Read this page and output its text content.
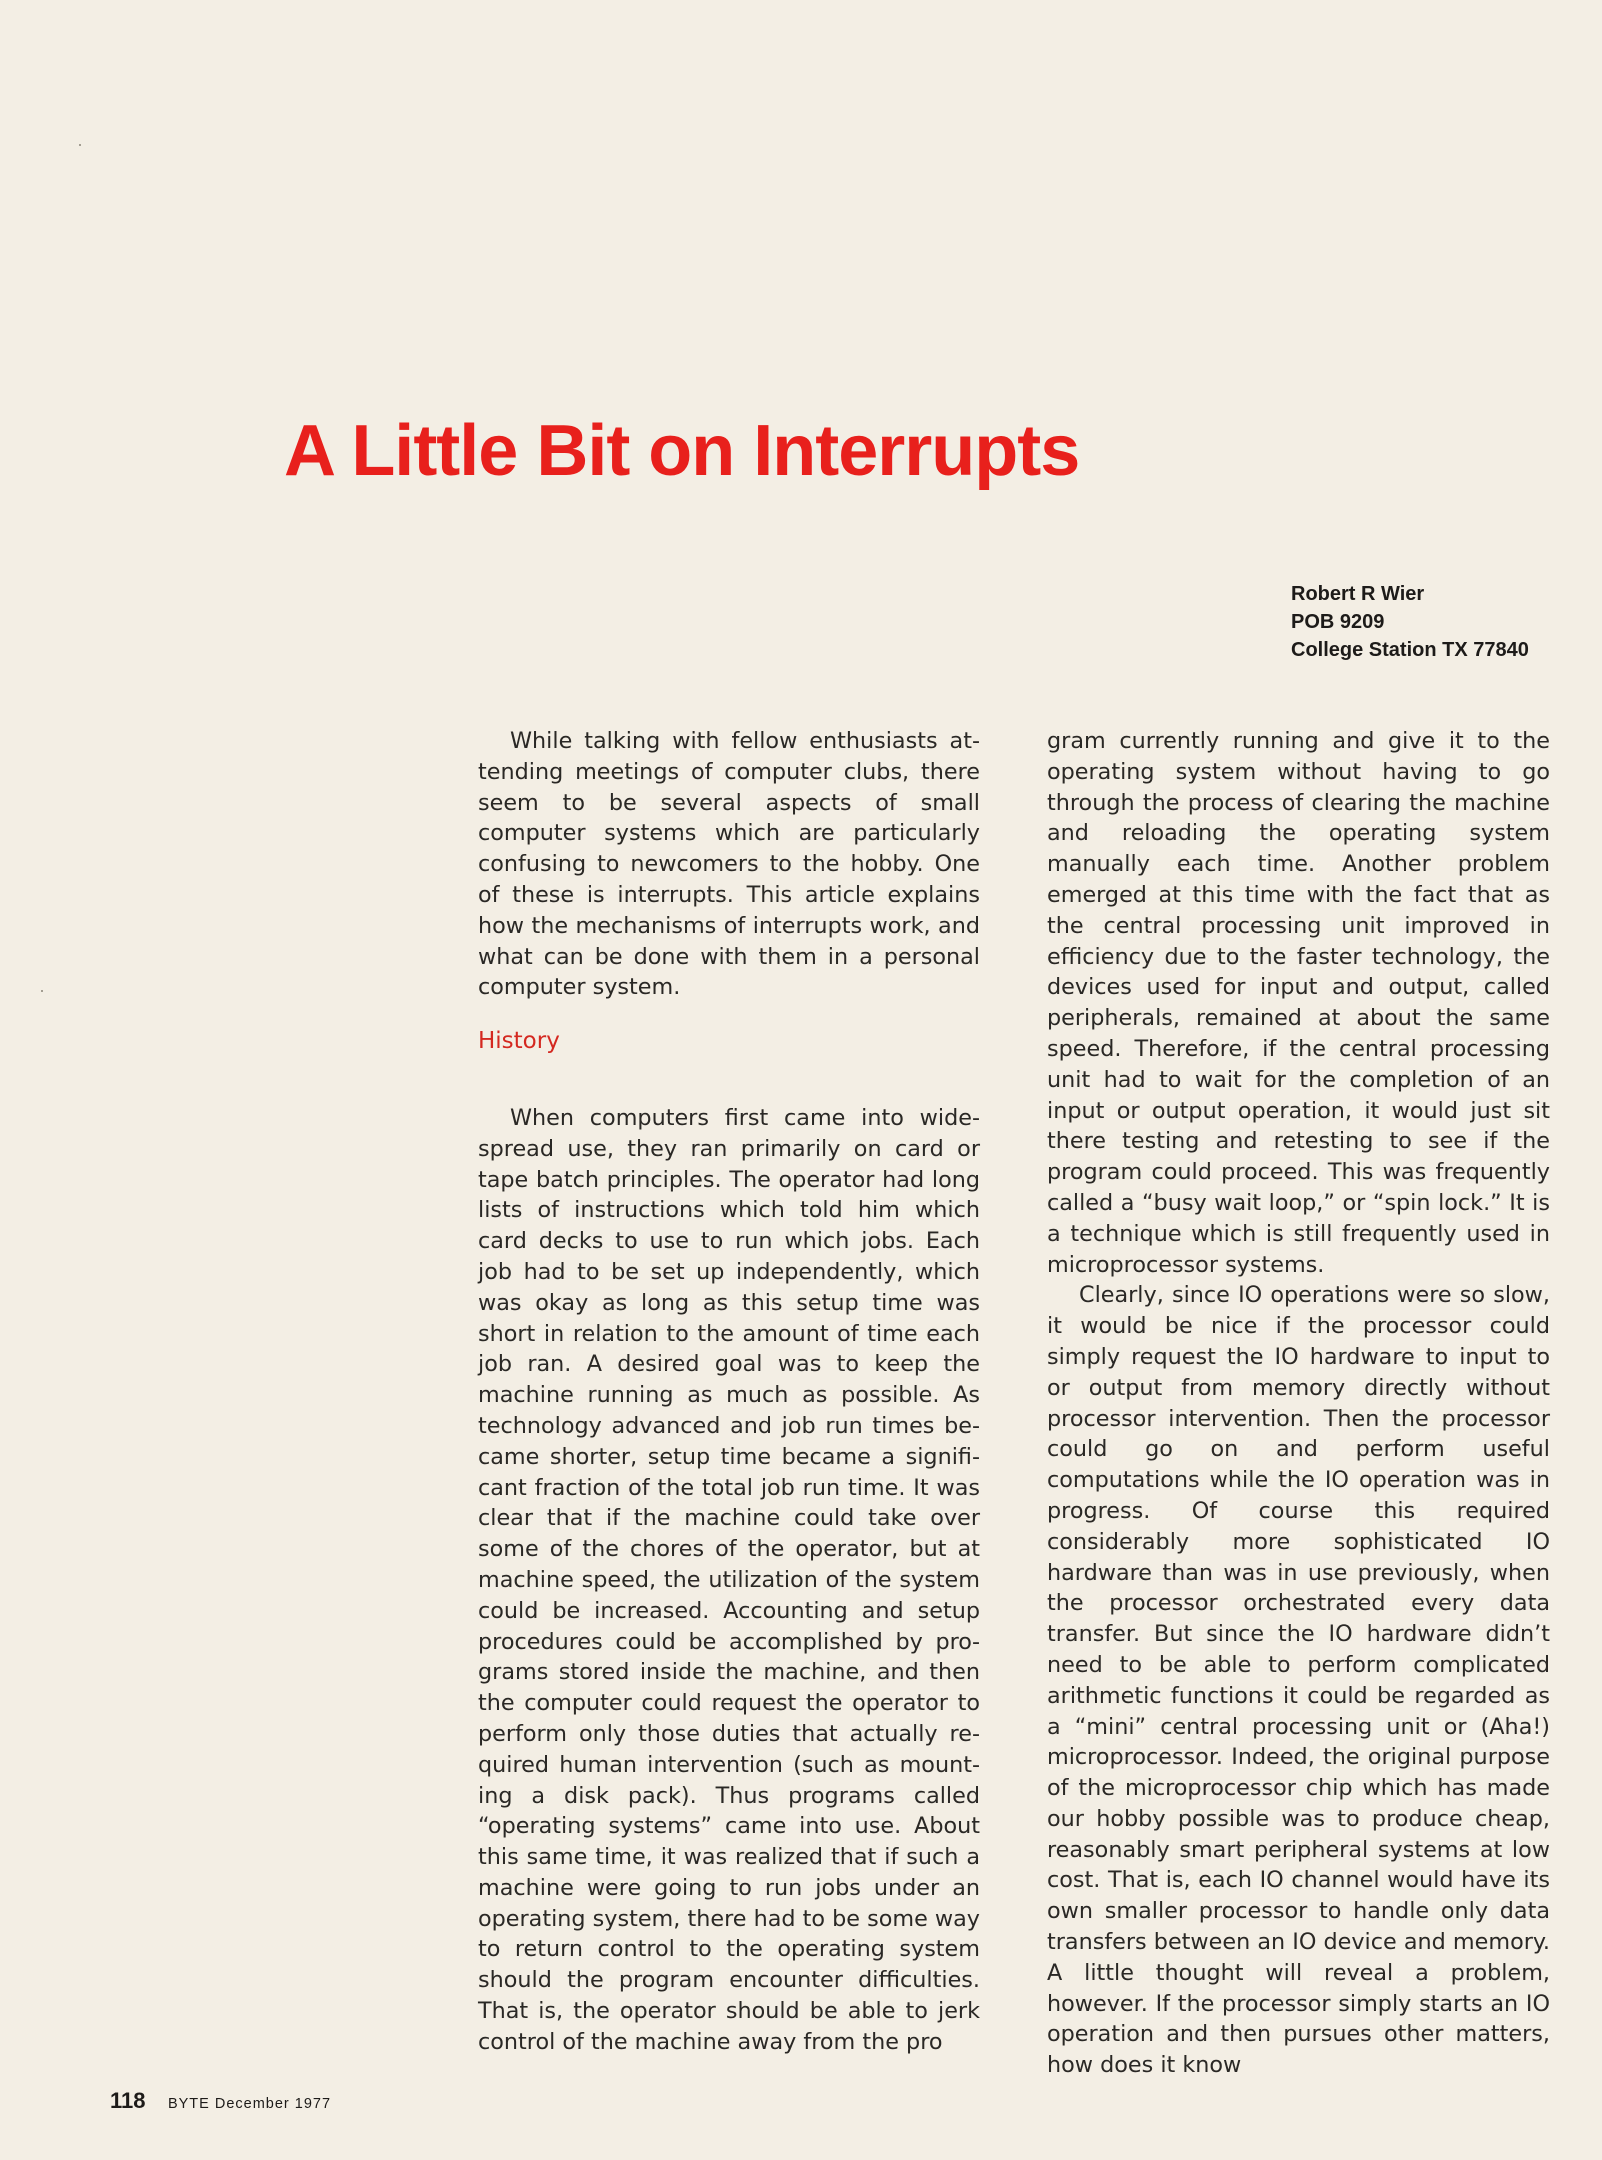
A Little Bit on Interrupts
Robert R Wier
POB 9209
College Station TX 77840

While talking with fellow enthusiasts attending meetings of computer clubs, there seem to be several aspects of small computer systems which are particularly confusing to newcomers to the hobby. One of these is interrupts. This article explains how the mechanisms of interrupts work, and what can be done with them in a personal computer system.

History

When computers first came into widespread use, they ran primarily on card or tape batch principles. The operator had long lists of instructions which told him which card decks to use to run which jobs. Each job had to be set up independently, which was okay as long as this setup time was short in relation to the amount of time each job ran. A desired goal was to keep the machine running as much as possible. As technology advanced and job run times became shorter, setup time became a significant fraction of the total job run time. It was clear that if the machine could take over some of the chores of the operator, but at machine speed, the utilization of the system could be increased. Accounting and setup procedures could be accomplished by programs stored inside the machine, and then the computer could request the operator to perform only those duties that actually required human intervention (such as mounting a disk pack). Thus programs called “operating systems” came into use. About this same time, it was realized that if such a machine were going to run jobs under an operating system, there had to be some way to return control to the operating system should the program encounter difficulties. That is, the operator should be able to jerk control of the machine away from the pro

gram currently running and give it to the operating system without having to go through the process of clearing the machine and reloading the operating system manually each time. Another problem emerged at this time with the fact that as the central processing unit improved in efficiency due to the faster technology, the devices used for input and output, called peripherals, remained at about the same speed. Therefore, if the central processing unit had to wait for the completion of an input or output operation, it would just sit there testing and retesting to see if the program could proceed. This was frequently called a “busy wait loop,” or “spin lock.” It is a technique which is still frequently used in microprocessor systems.

Clearly, since IO operations were so slow, it would be nice if the processor could simply request the IO hardware to input to or output from memory directly without processor intervention. Then the processor could go on and perform useful computations while the IO operation was in progress. Of course this required considerably more sophisticated IO hardware than was in use previously, when the processor orchestrated every data transfer. But since the IO hardware didn’t need to be able to perform complicated arithmetic functions it could be regarded as a “mini” central processing unit or (Aha!) microprocessor. Indeed, the original purpose of the microprocessor chip which has made our hobby possible was to produce cheap, reasonably smart peripheral systems at low cost. That is, each IO channel would have its own smaller processor to handle only data transfers between an IO device and memory. A little thought will reveal a problem, however. If the processor simply starts an IO operation and then pursues other matters, how does it know

118 BYTE December 1977
